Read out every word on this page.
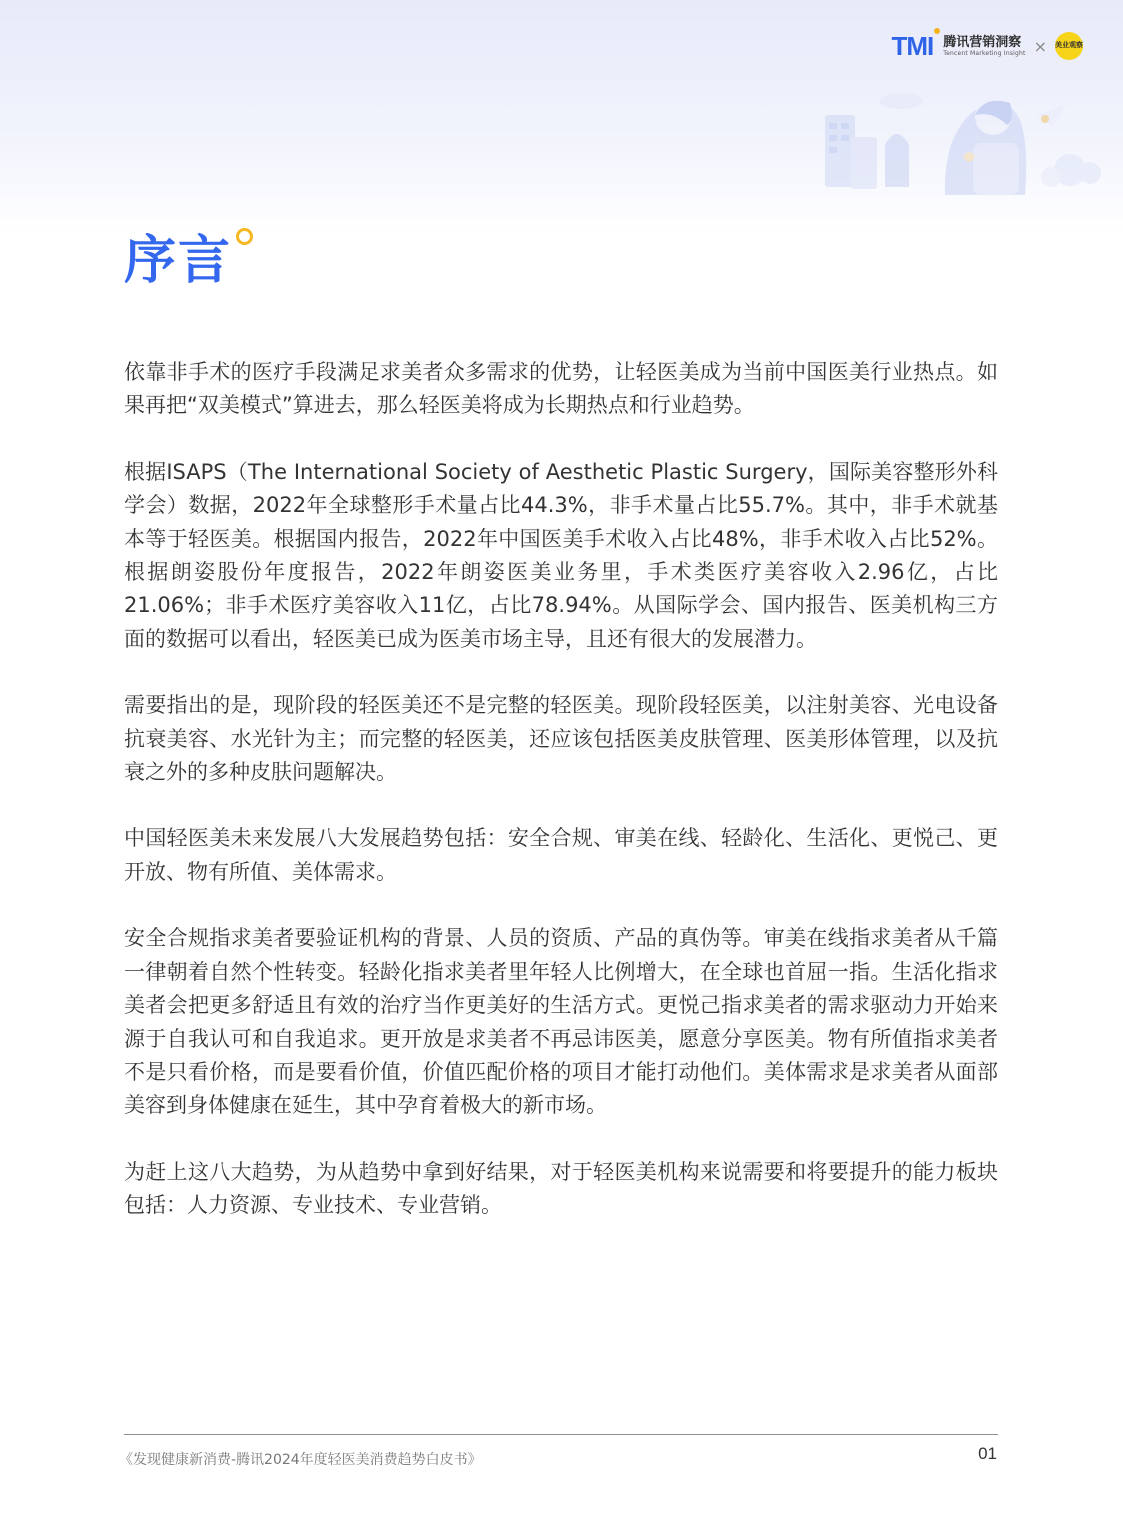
TMI 腾讯营销洞察
Tencent Marketing Insight × 美业观察
序言

依靠非手术的医疗手段满足求美者众多需求的优势，让轻医美成为当前中国医美行业热点。如果再把“双美模式”算进去，那么轻医美将成为长期热点和行业趋势。

根据ISAPS（The International Society of Aesthetic Plastic Surgery，国际美容整形外科学会）数据，2022年全球整形手术量占比44.3%，非手术量占比55.7%。其中，非手术就基本等于轻医美。根据国内报告，2022年中国医美手术收入占比48%，非手术收入占比52%。根据朗姿股份年度报告，2022年朗姿医美业务里，手术类医疗美容收入2.96亿，占比21.06%；非手术医疗美容收入11亿，占比78.94%。从国际学会、国内报告、医美机构三方面的数据可以看出，轻医美已成为医美市场主导，且还有很大的发展潜力。

需要指出的是，现阶段的轻医美还不是完整的轻医美。现阶段轻医美，以注射美容、光电设备抗衰美容、水光针为主；而完整的轻医美，还应该包括医美皮肤管理、医美形体管理，以及抗衰之外的多种皮肤问题解决。

中国轻医美未来发展八大发展趋势包括：安全合规、审美在线、轻龄化、生活化、更悦己、更开放、物有所值、美体需求。

安全合规指求美者要验证机构的背景、人员的资质、产品的真伪等。审美在线指求美者从千篇一律朝着自然个性转变。轻龄化指求美者里年轻人比例增大，在全球也首屈一指。生活化指求美者会把更多舒适且有效的治疗当作更美好的生活方式。更悦己指求美者的需求驱动力开始来源于自我认可和自我追求。更开放是求美者不再忌讳医美，愿意分享医美。物有所值指求美者不是只看价格，而是要看价值，价值匹配价格的项目才能打动他们。美体需求是求美者从面部美容到身体健康在延生，其中孕育着极大的新市场。

为赶上这八大趋势，为从趋势中拿到好结果，对于轻医美机构来说需要和将要提升的能力板块包括：人力资源、专业技术、专业营销。

《发现健康新消费-腾讯2024年度轻医美消费趋势白皮书》	01
